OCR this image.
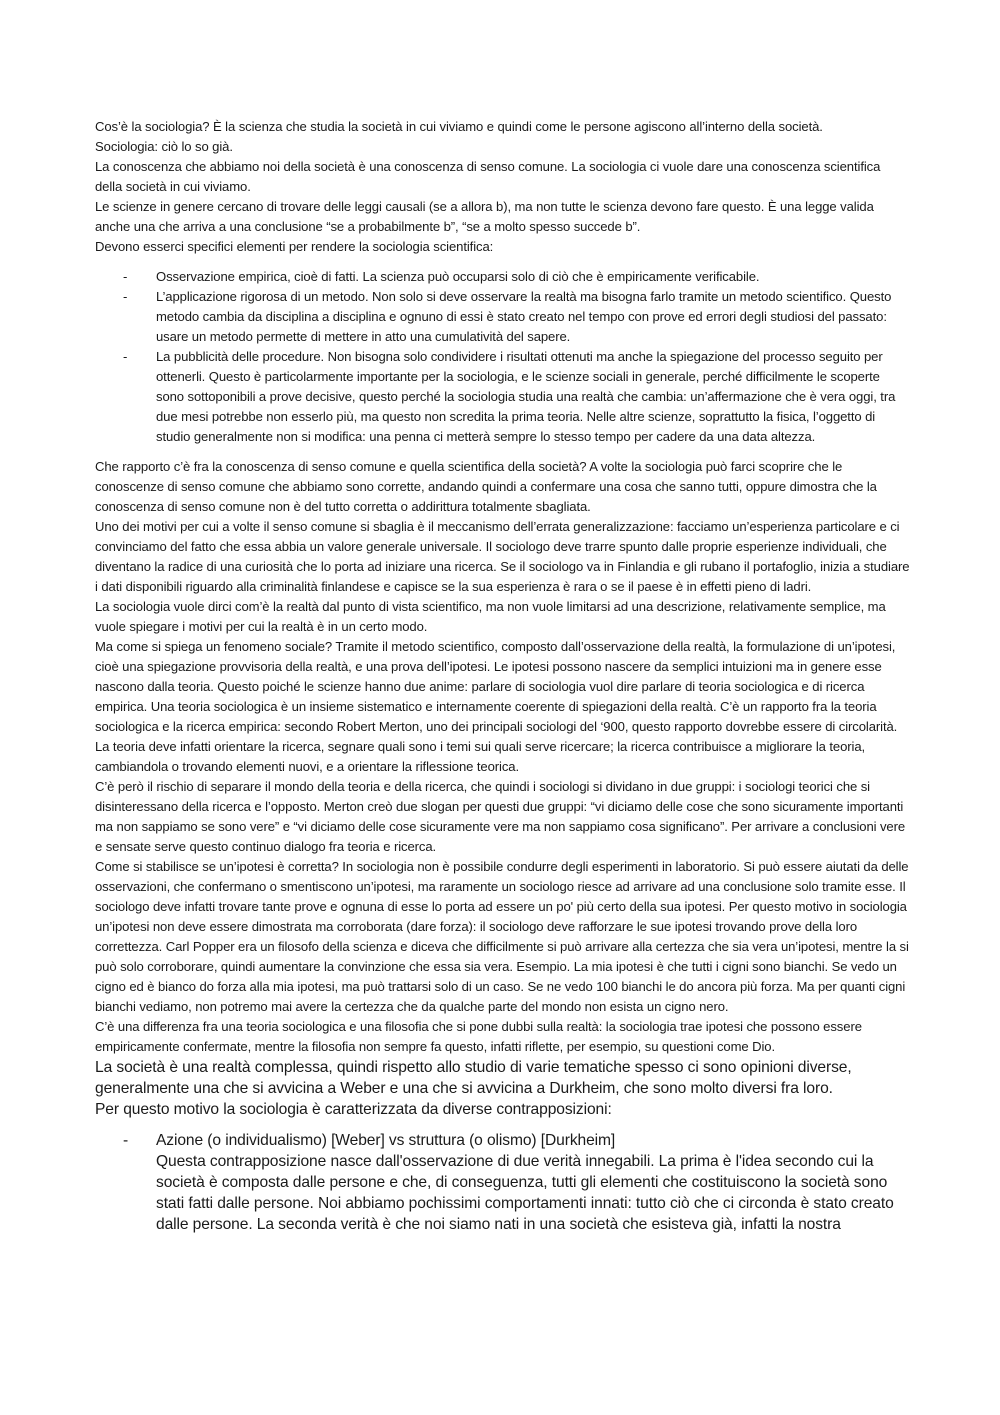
Cos’è la sociologia? È la scienza che studia la società in cui viviamo e quindi come le persone agiscono all’interno della società.

Sociologia: ciò lo so già.

La conoscenza che abbiamo noi della società è una conoscenza di senso comune. La sociologia ci vuole dare una conoscenza scientifica della società in cui viviamo.

Le scienze in genere cercano di trovare delle leggi causali (se a allora b), ma non tutte le scienza devono fare questo. È una legge valida anche una che arriva a una conclusione “se a probabilmente b”, “se a molto spesso succede b”.

Devono esserci specifici elementi per rendere la sociologia scientifica:

- Osservazione empirica, cioè di fatti. La scienza può occuparsi solo di ciò che è empiricamente verificabile.
- L’applicazione rigorosa di un metodo. Non solo si deve osservare la realtà ma bisogna farlo tramite un metodo scientifico. Questo metodo cambia da disciplina a disciplina e ognuno di essi è stato creato nel tempo con prove ed errori degli studiosi del passato: usare un metodo permette di mettere in atto una cumulatività del sapere.
- La pubblicità delle procedure. Non bisogna solo condividere i risultati ottenuti ma anche la spiegazione del processo seguito per ottenerli. Questo è particolarmente importante per la sociologia, e le scienze sociali in generale, perché difficilmente le scoperte sono sottoponibili a prove decisive, questo perché la sociologia studia una realtà che cambia: un’affermazione che è vera oggi, tra due mesi potrebbe non esserlo più, ma questo non scredita la prima teoria. Nelle altre scienze, soprattutto la fisica, l’oggetto di studio generalmente non si modifica: una penna ci metterà sempre lo stesso tempo per cadere da una data altezza.

Che rapporto c’è fra la conoscenza di senso comune e quella scientifica della società? A volte la sociologia può farci scoprire che le conoscenze di senso comune che abbiamo sono corrette, andando quindi a confermare una cosa che sanno tutti, oppure dimostra che la conoscenza di senso comune non è del tutto corretta o addirittura totalmente sbagliata.

Uno dei motivi per cui a volte il senso comune si sbaglia è il meccanismo dell’errata generalizzazione: facciamo un’esperienza particolare e ci convinciamo del fatto che essa abbia un valore generale universale. Il sociologo deve trarre spunto dalle proprie esperienze individuali, che diventano la radice di una curiosità che lo porta ad iniziare una ricerca. Se il sociologo va in Finlandia e gli rubano il portafoglio, inizia a studiare i dati disponibili riguardo alla criminalità finlandese e capisce se la sua esperienza è rara o se il paese è in effetti pieno di ladri.

La sociologia vuole dirci com’è la realtà dal punto di vista scientifico, ma non vuole limitarsi ad una descrizione, relativamente semplice, ma vuole spiegare i motivi per cui la realtà è in un certo modo.

Ma come si spiega un fenomeno sociale? Tramite il metodo scientifico, composto dall’osservazione della realtà, la formulazione di un’ipotesi, cioè una spiegazione provvisoria della realtà, e una prova dell’ipotesi. Le ipotesi possono nascere da semplici intuizioni ma in genere esse nascono dalla teoria. Questo poiché le scienze hanno due anime: parlare di sociologia vuol dire parlare di teoria sociologica e di ricerca empirica. Una teoria sociologica è un insieme sistematico e internamente coerente di spiegazioni della realtà. C’è un rapporto fra la teoria sociologica e la ricerca empirica: secondo Robert Merton, uno dei principali sociologi del ‘900, questo rapporto dovrebbe essere di circolarità. La teoria deve infatti orientare la ricerca, segnare quali sono i temi sui quali serve ricercare; la ricerca contribuisce a migliorare la teoria, cambiandola o trovando elementi nuovi, e a orientare la riflessione teorica.

C’è però il rischio di separare il mondo della teoria e della ricerca, che quindi i sociologi si dividano in due gruppi: i sociologi teorici che si disinteressano della ricerca e l’opposto. Merton creò due slogan per questi due gruppi: “vi diciamo delle cose che sono sicuramente importanti ma non sappiamo se sono vere” e “vi diciamo delle cose sicuramente vere ma non sappiamo cosa significano”. Per arrivare a conclusioni vere e sensate serve questo continuo dialogo fra teoria e ricerca.

Come si stabilisce se un’ipotesi è corretta? In sociologia non è possibile condurre degli esperimenti in laboratorio. Si può essere aiutati da delle osservazioni, che confermano o smentiscono un’ipotesi, ma raramente un sociologo riesce ad arrivare ad una conclusione solo tramite esse. Il sociologo deve infatti trovare tante prove e ognuna di esse lo porta ad essere un po' più certo della sua ipotesi. Per questo motivo in sociologia un’ipotesi non deve essere dimostrata ma corroborata (dare forza): il sociologo deve rafforzare le sue ipotesi trovando prove della loro correttezza. Carl Popper era un filosofo della scienza e diceva che difficilmente si può arrivare alla certezza che sia vera un’ipotesi, mentre la si può solo corroborare, quindi aumentare la convinzione che essa sia vera. Esempio. La mia ipotesi è che tutti i cigni sono bianchi. Se vedo un cigno ed è bianco do forza alla mia ipotesi, ma può trattarsi solo di un caso. Se ne vedo 100 bianchi le do ancora più forza. Ma per quanti cigni bianchi vediamo, non potremo mai avere la certezza che da qualche parte del mondo non esista un cigno nero.

C’è una differenza fra una teoria sociologica e una filosofia che si pone dubbi sulla realtà: la sociologia trae ipotesi che possono essere empiricamente confermate, mentre la filosofia non sempre fa questo, infatti riflette, per esempio, su questioni come Dio.

La società è una realtà complessa, quindi rispetto allo studio di varie tematiche spesso ci sono opinioni diverse, generalmente una che si avvicina a Weber e una che si avvicina a Durkheim, che sono molto diversi fra loro.

Per questo motivo la sociologia è caratterizzata da diverse contrapposizioni:

- Azione (o individualismo) [Weber] vs struttura (o olismo) [Durkheim]
Questa contrapposizione nasce dall'osservazione di due verità innegabili. La prima è l'idea secondo cui la società è composta dalle persone e che, di conseguenza, tutti gli elementi che costituiscono la società sono stati fatti dalle persone. Noi abbiamo pochissimi comportamenti innati: tutto ciò che ci circonda è stato creato dalle persone. La seconda verità è che noi siamo nati in una società che esisteva già, infatti la nostra
